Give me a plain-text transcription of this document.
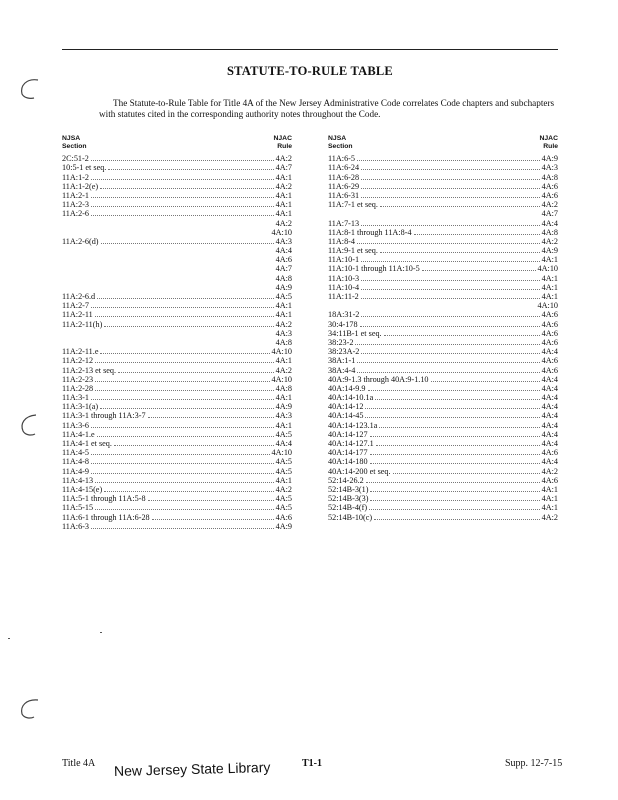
STATUTE-TO-RULE TABLE
The Statute-to-Rule Table for Title 4A of the New Jersey Administrative Code correlates Code chapters and subchapters with statutes cited in the corresponding authority notes throughout the Code.
NJSA
Section
NJAC
Rule
2C:51-2	4A:2
10:5-1 et seq.	4A:7
11A:1-2	4A:1
11A:1-2(e)	4A:2
11A:2-1	4A:1
11A:2-3	4A:1
11A:2-6	4A:1
4A:2
4A:10
11A:2-6(d)	4A:3
4A:4
4A:6
4A:7
4A:8
4A:9
11A:2-6.d	4A:5
11A:2-7	4A:1
11A:2-11	4A:1
11A:2-11(h)	4A:2
4A:3
4A:8
11A:2-11.e	4A:10
11A:2-12	4A:1
11A:2-13 et seq.	4A:2
11A:2-23	4A:10
11A:2-28	4A:8
11A:3-1	4A:1
11A:3-1(a)	4A:9
11A:3-1 through 11A:3-7	4A:3
11A:3-6	4A:1
11A:4-1.e	4A:5
11A:4-1 et seq.	4A:4
11A:4-5	4A:10
11A:4-8	4A:5
11A:4-9	4A:5
11A:4-13	4A:1
11A:4-15(e)	4A:2
11A:5-1 through 11A:5-8	4A:5
11A:5-15	4A:5
11A:6-1 through 11A:6-28	4A:6
11A:6-3	4A:9
NJSA
Section
NJAC
Rule
11A:6-5	4A:9
11A:6-24	4A:3
11A:6-28	4A:8
11A:6-29	4A:6
11A:6-31	4A:6
11A:7-1 et seq.	4A:2
4A:7
11A:7-13	4A:4
11A:8-1 through 11A:8-4	4A:8
11A:8-4	4A:2
11A:9-1 et seq.	4A:9
11A:10-1	4A:1
11A:10-1 through 11A:10-5	4A:10
11A:10-3	4A:1
11A:10-4	4A:1
11A:11-2	4A:1
4A:10
18A:31-2	4A:6
30:4-178	4A:6
34:11B-1 et seq.	4A:6
38:23-2	4A:6
38:23A-2	4A:4
38A:1-1	4A:6
38A:4-4	4A:6
40A:9-1.3 through 40A:9-1.10	4A:4
40A:14-9.9	4A:4
40A:14-10.1a	4A:4
40A:14-12	4A:4
40A:14-45	4A:4
40A:14-123.1a	4A:4
40A:14-127	4A:4
40A:14-127.1	4A:4
40A:14-177	4A:6
40A:14-180	4A:4
40A:14-200 et seq.	4A:2
52:14-26.2	4A:6
52:14B-3(1)	4A:1
52:14B-3(3)	4A:1
52:14B-4(f)	4A:1
52:14B-10(c)	4A:2
Title 4A New Jersey State Library	T1-1	Supp. 12-7-15
